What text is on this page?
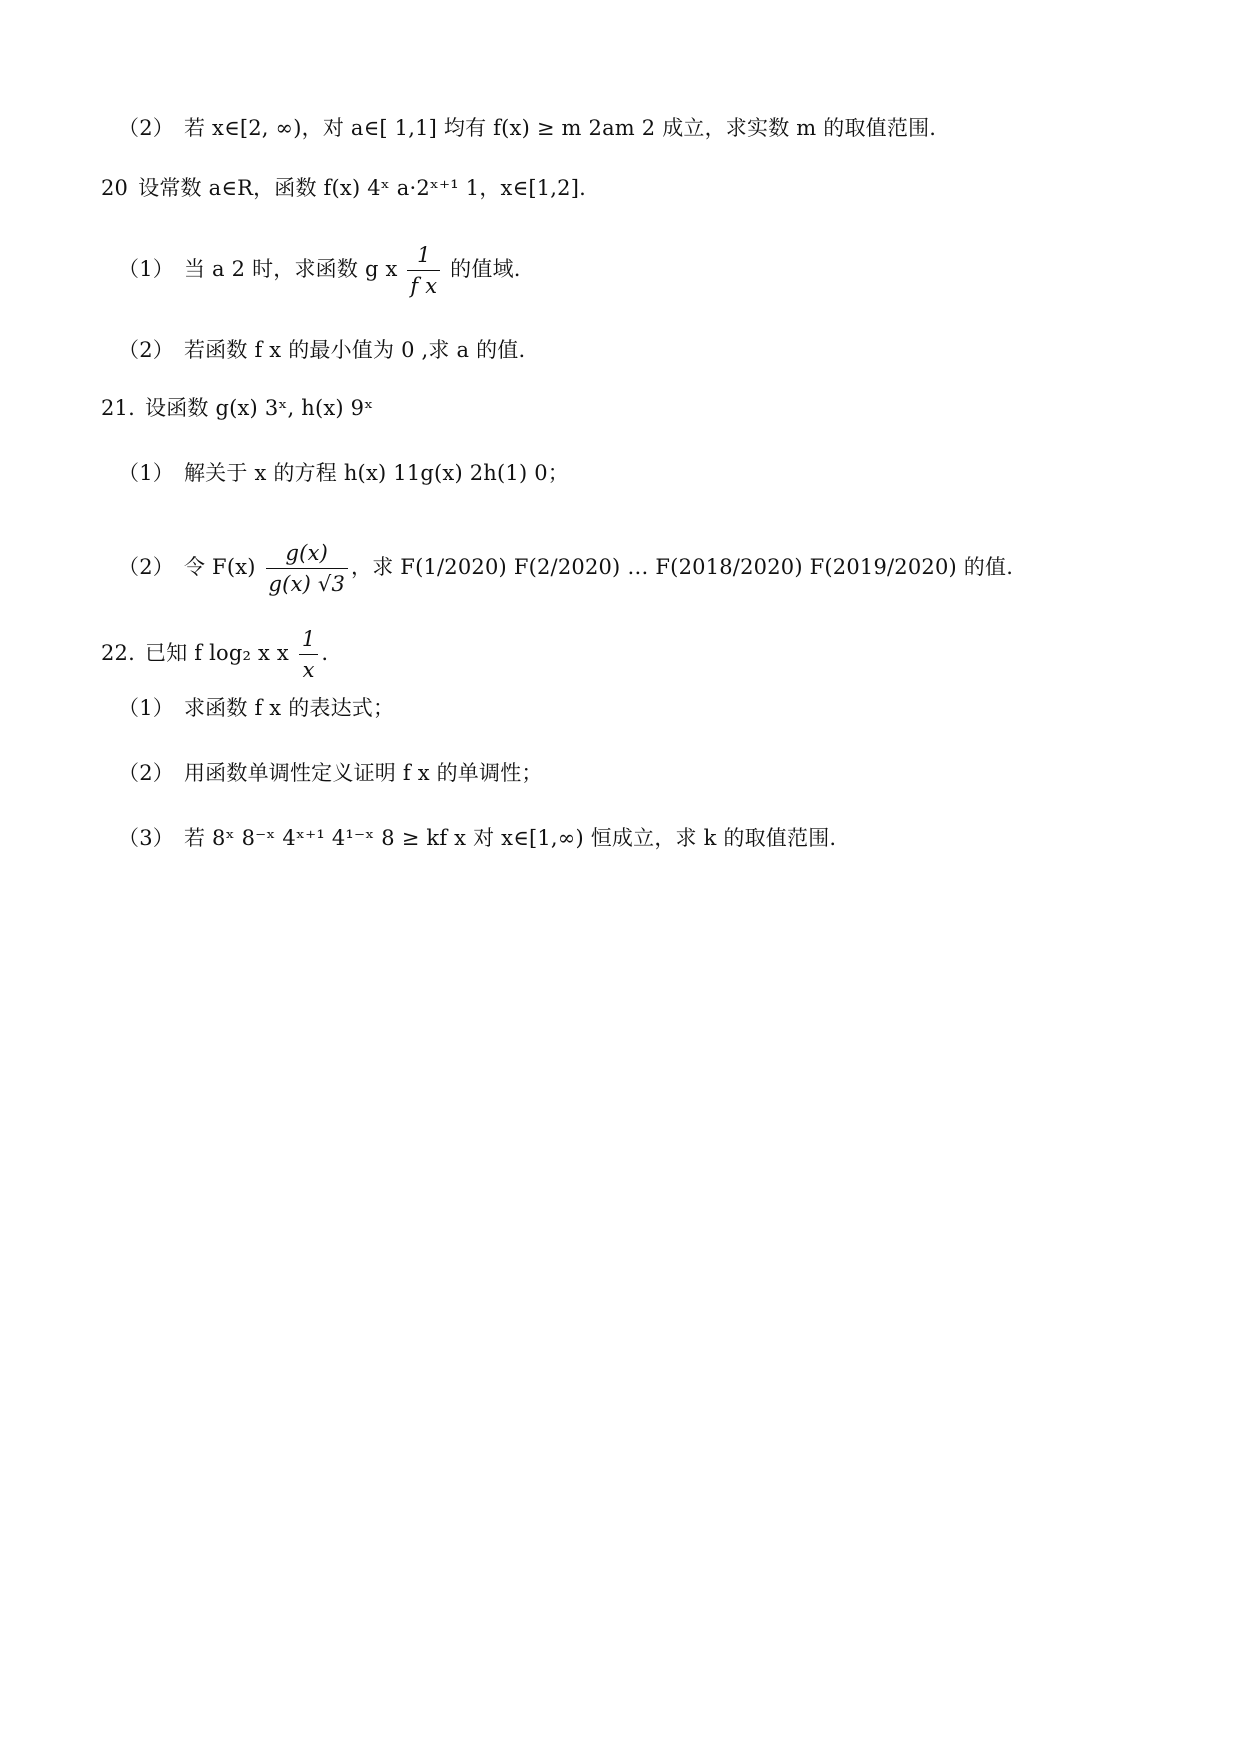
（2） 若 x∈[2, ∞)，对 a∈[ 1,1] 均有 f(x) ≥ m 2am 2 成立，求实数 m 的取值范围.
20 设常数 a∈R，函数 f(x) 4ˣ a·2ˣ⁺¹ 1，x∈[1,2].
（1） 当 a 2 时，求函数 g x $\frac{1}{\text{f x}}$ 的值域.
（2） 若函数 f x 的最小值为 0 ,求 a 的值.
21. 设函数 g(x) 3ˣ, h(x) 9ˣ
（1） 解关于 x 的方程 h(x) 11g(x) 2h(1) 0；
（2） 令 $F(x) \frac{g(x)}{g(x) √3}$ ，求 F(1/2020) F(2/2020) … F(2018/2020) F(2019/2020) 的值.
22. 已知 f log₂ x x $\frac{1}{x}$ .
（1） 求函数 f x 的表达式；
（2） 用函数单调性定义证明 f x 的单调性；
（3） 若 8ˣ 8⁻ˣ 4ˣ⁺¹ 4¹⁻ˣ 8 ≥ kf x 对 x∈[1,∞) 恒成立，求 k 的取值范围.
